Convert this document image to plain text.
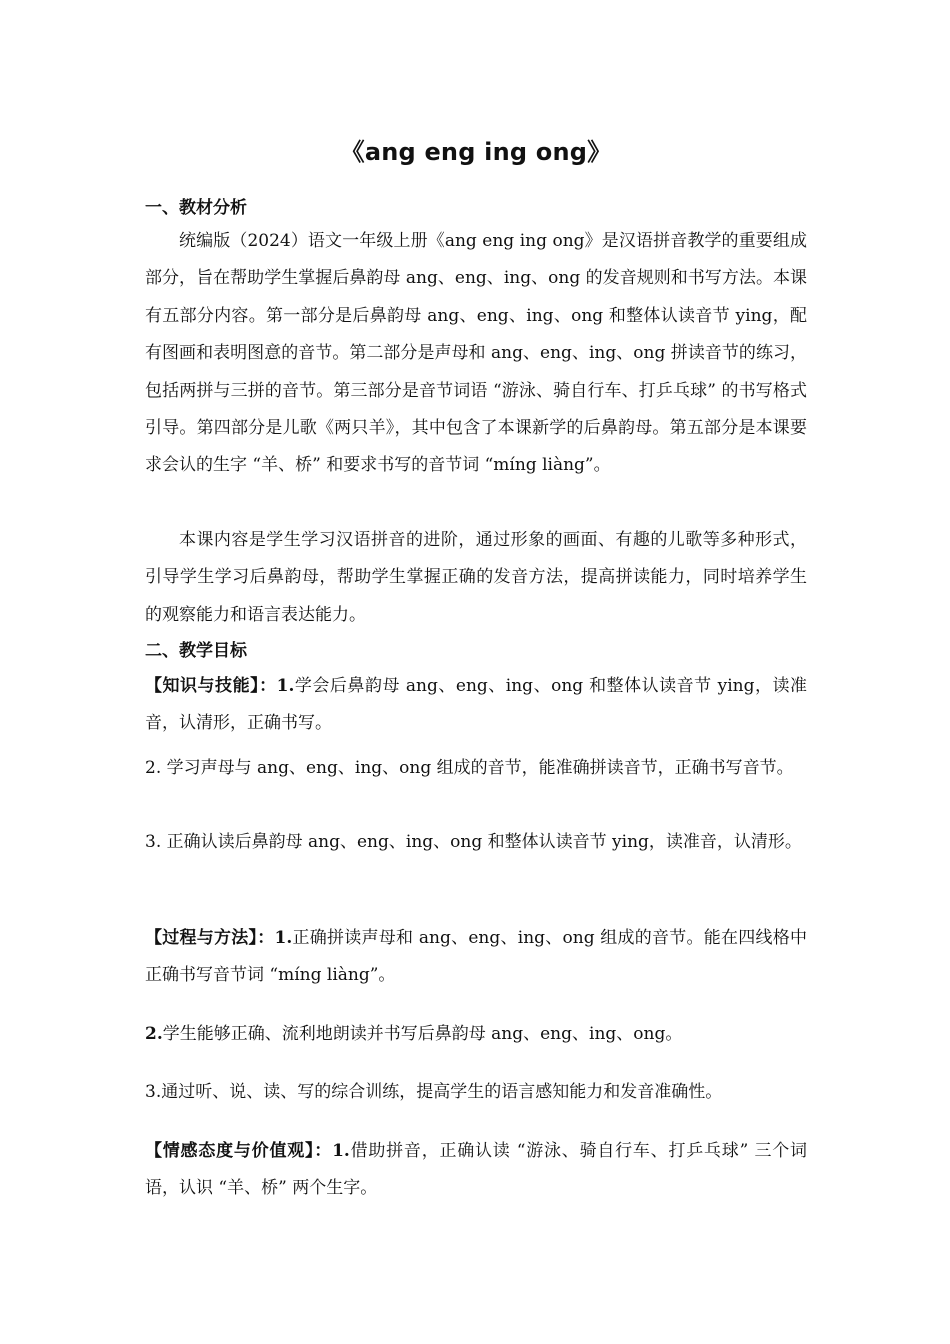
《ang eng ing ong》
一、教材分析
统编版（2024）语文一年级上册《ang eng ing ong》是汉语拼音教学的重要组成部分，旨在帮助学生掌握后鼻韵母 ang、eng、ing、ong 的发音规则和书写方法。本课有五部分内容。第一部分是后鼻韵母 ang、eng、ing、ong 和整体认读音节 ying，配有图画和表明图意的音节。第二部分是声母和 ang、eng、ing、ong 拼读音节的练习，包括两拼与三拼的音节。第三部分是音节词语 “游泳、骑自行车、打乒乓球” 的书写格式引导。第四部分是儿歌《两只羊》，其中包含了本课新学的后鼻韵母。第五部分是本课要求会认的生字 “羊、桥” 和要求书写的音节词 “míng liàng”。
本课内容是学生学习汉语拼音的进阶，通过形象的画面、有趣的儿歌等多种形式，引导学生学习后鼻韵母，帮助学生掌握正确的发音方法，提高拼读能力，同时培养学生的观察能力和语言表达能力。
二、教学目标

【知识与技能】：1.学会后鼻韵母 ang、eng、ing、ong 和整体认读音节 ying，读准音，认清形，正确书写。

2. 学习声母与 ang、eng、ing、ong 组成的音节，能准确拼读音节，正确书写音节。

3. 正确认读后鼻韵母 ang、eng、ing、ong 和整体认读音节 ying，读准音，认清形。

【过程与方法】：1.正确拼读声母和 ang、eng、ing、ong 组成的音节。能在四线格中正确书写音节词 “míng liàng”。

2.学生能够正确、流利地朗读并书写后鼻韵母 ang、eng、ing、ong。

3.通过听、说、读、写的综合训练，提高学生的语言感知能力和发音准确性。

【情感态度与价值观】：1.借助拼音，正确认读 “游泳、骑自行车、打乒乓球” 三个词语，认识 “羊、桥” 两个生字。
